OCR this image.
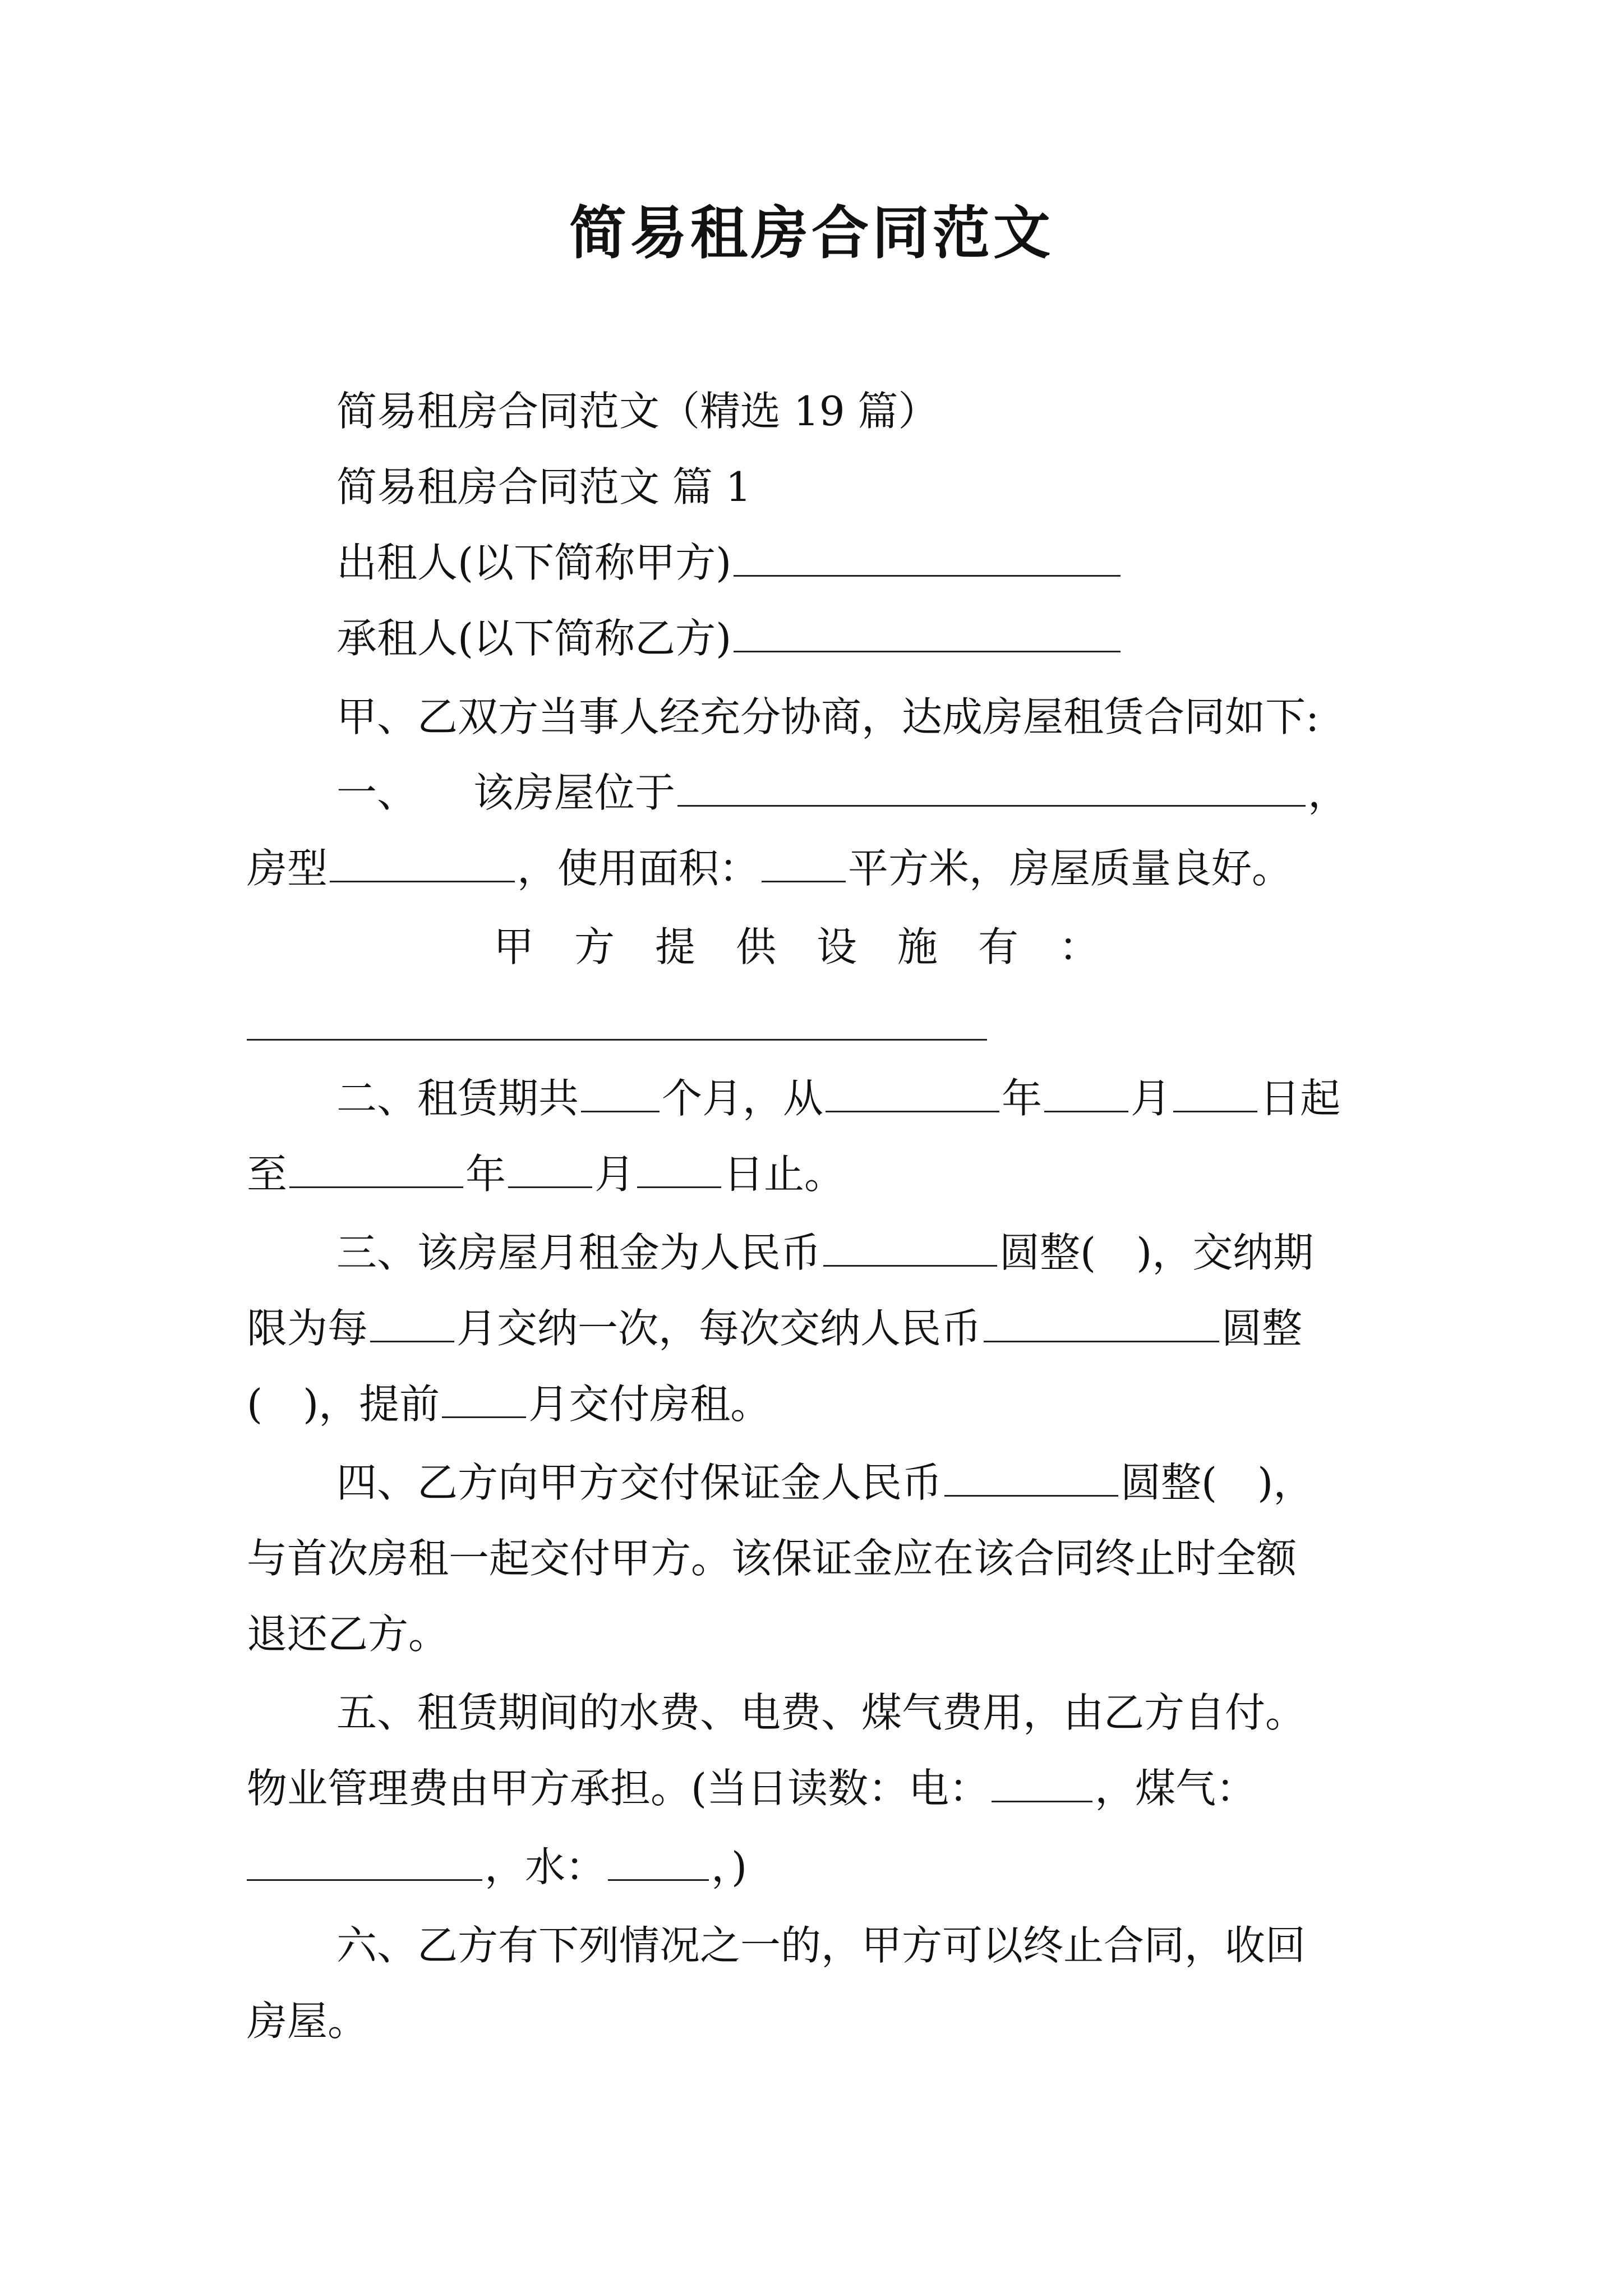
简易租房合同范文
简易租房合同范文（精选 19 篇）
简易租房合同范文 篇 1
出租人(以下简称甲方)
承租人(以下简称乙方)
甲、乙双方当事人经充分协商，达成房屋租赁合同如下:
一、 该房屋位于	，
房型	，使用面积： 平方米，房屋质量良好。
甲　方　提　供　设　施　有　：
二、租赁期共 个月，从	年 月 日起
至	年 月 日止。
三、该房屋月租金为人民币	圆整(　)，交纳期
限为每 月交纳一次，每次交纳人民币	圆整
(　)，提前 月交付房租。
四、乙方向甲方交付保证金人民币	圆整(　)，
与首次房租一起交付甲方。该保证金应在该合同终止时全额
退还乙方。
五、租赁期间的水费、电费、煤气费用，由乙方自付。
物业管理费由甲方承担。(当日读数：电：	，煤气：
，水：	，)
六、乙方有下列情况之一的，甲方可以终止合同，收回
房屋。
